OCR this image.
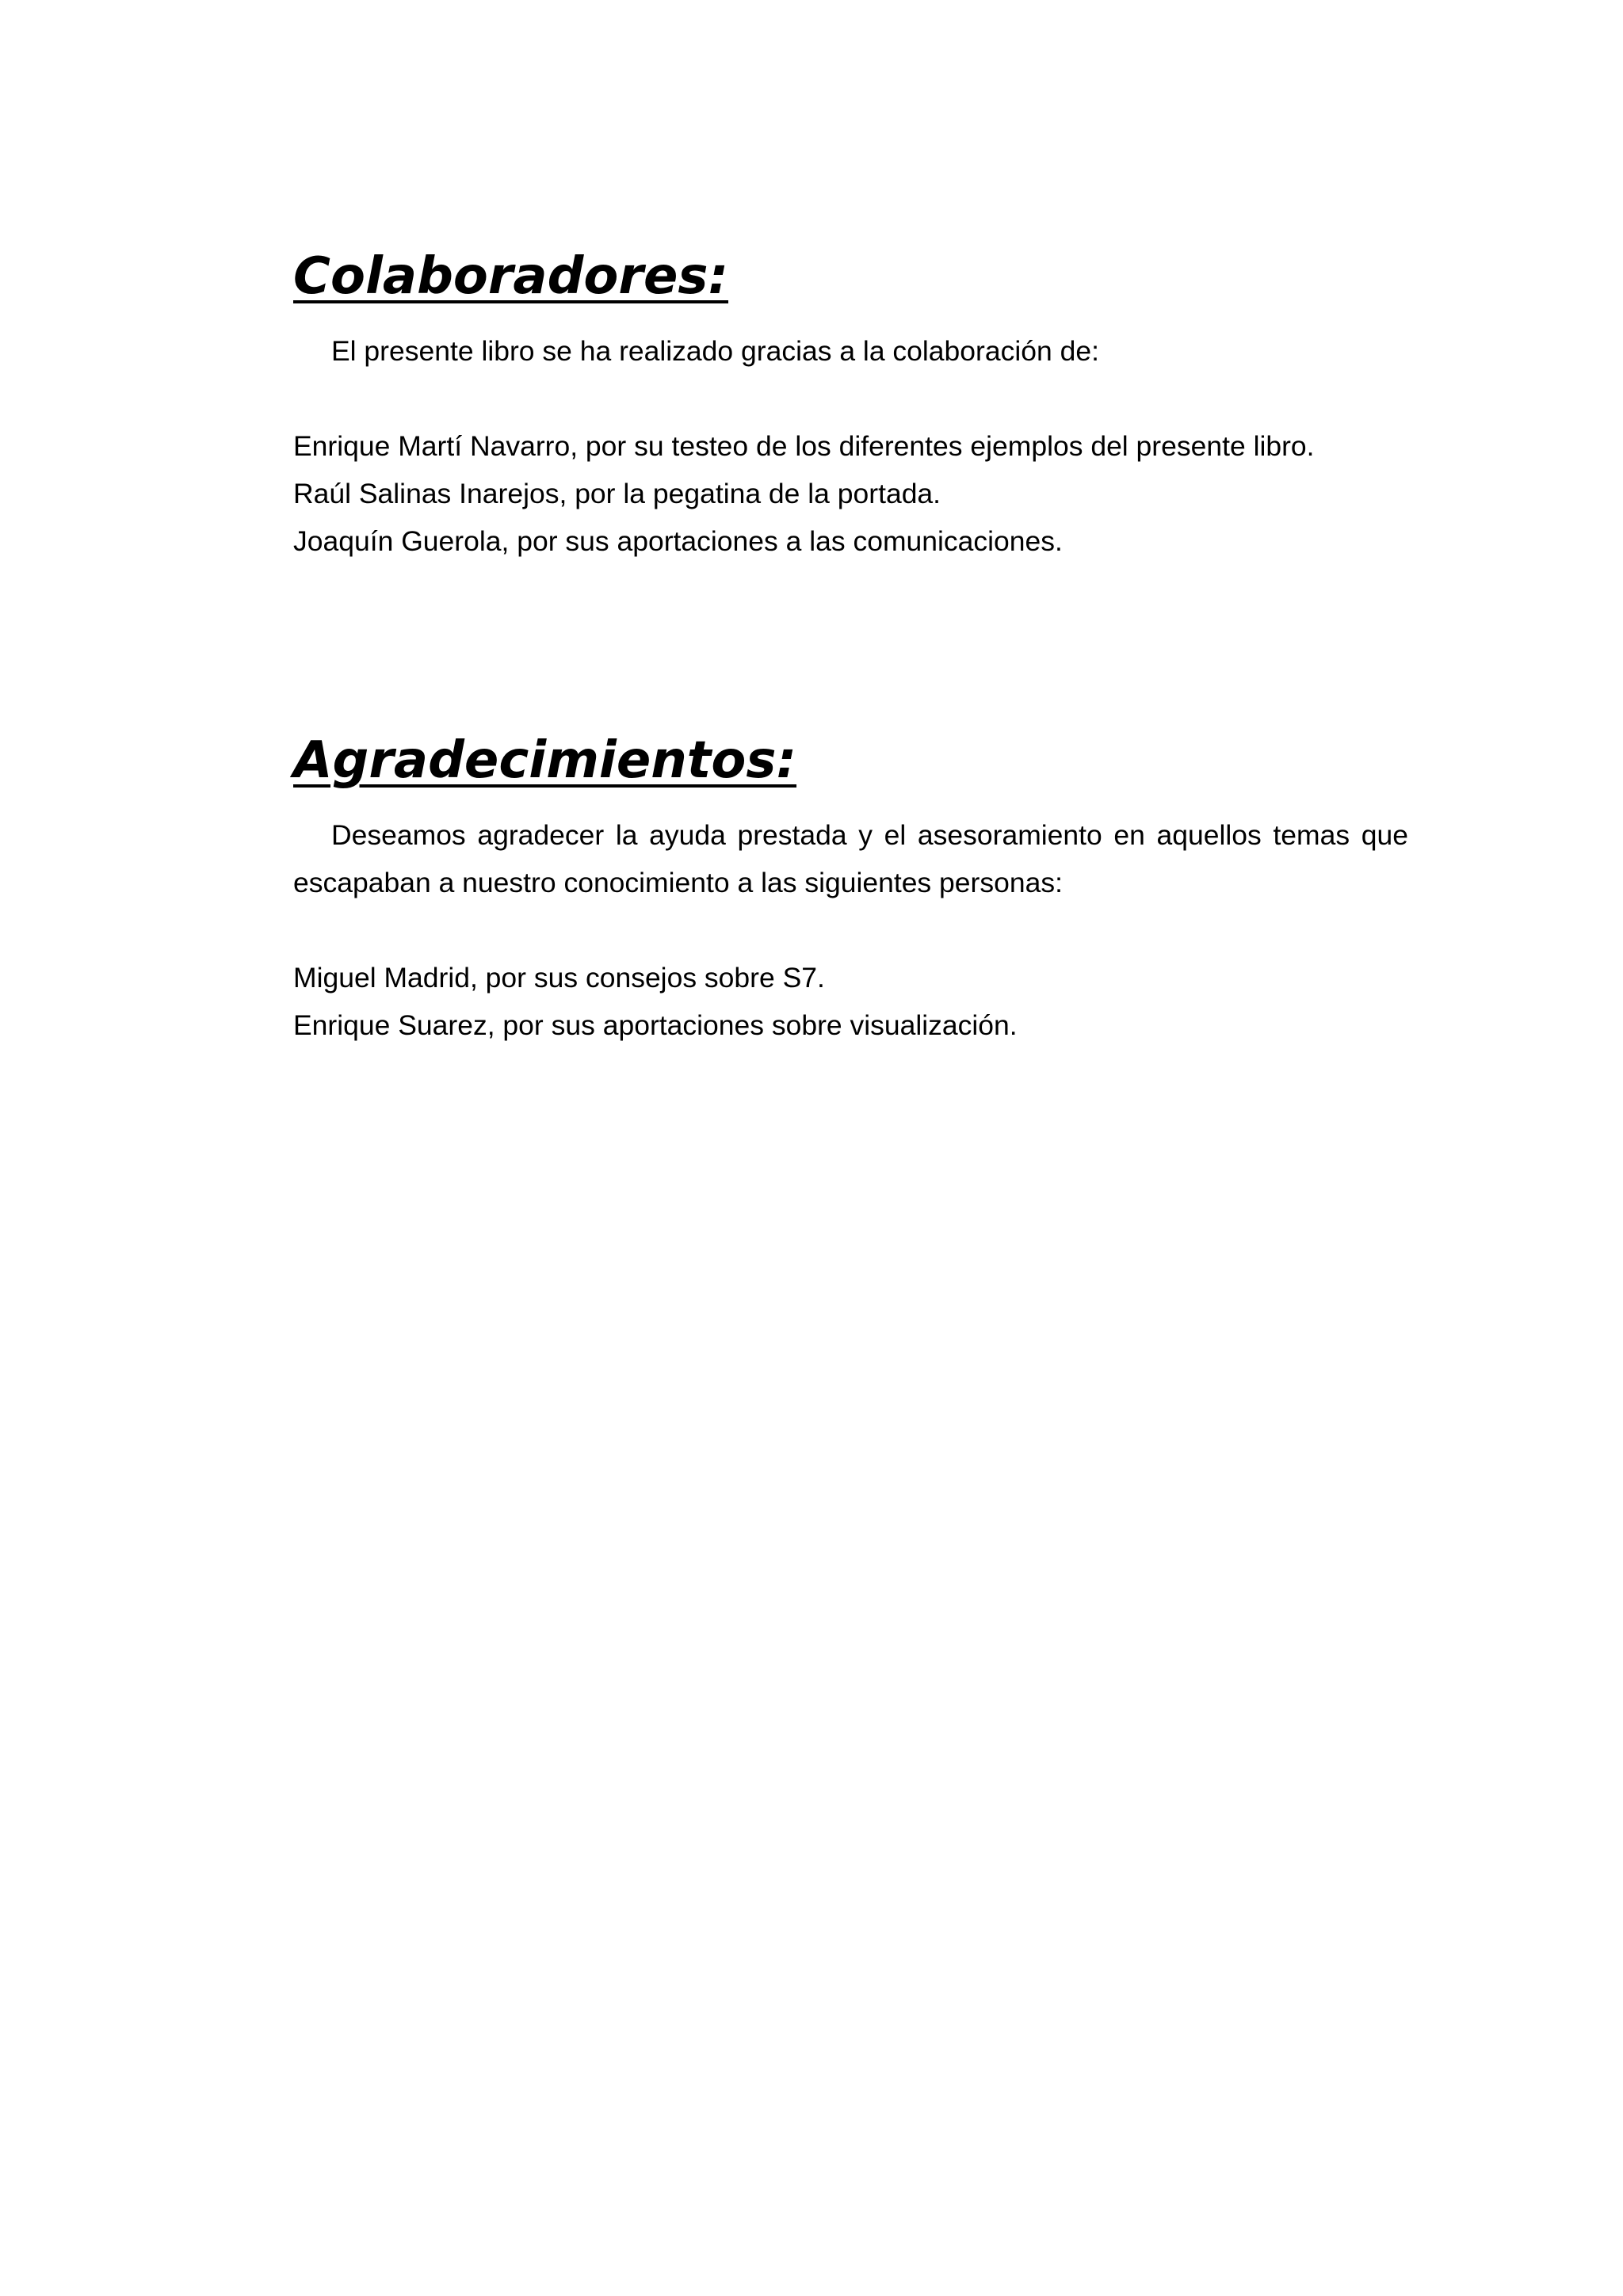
Colaboradores:

El presente libro se ha realizado gracias a la colaboración de:

Enrique Martí Navarro, por su testeo de los diferentes ejemplos del presente libro.
Raúl Salinas Inarejos, por la pegatina de la portada.
Joaquín Guerola, por sus aportaciones a las comunicaciones.
Agradecimientos:

Deseamos agradecer la ayuda prestada y el asesoramiento en aquellos temas que escapaban a nuestro conocimiento a las siguientes personas:

Miguel Madrid, por sus consejos sobre S7.
Enrique Suarez, por sus aportaciones sobre visualización.
